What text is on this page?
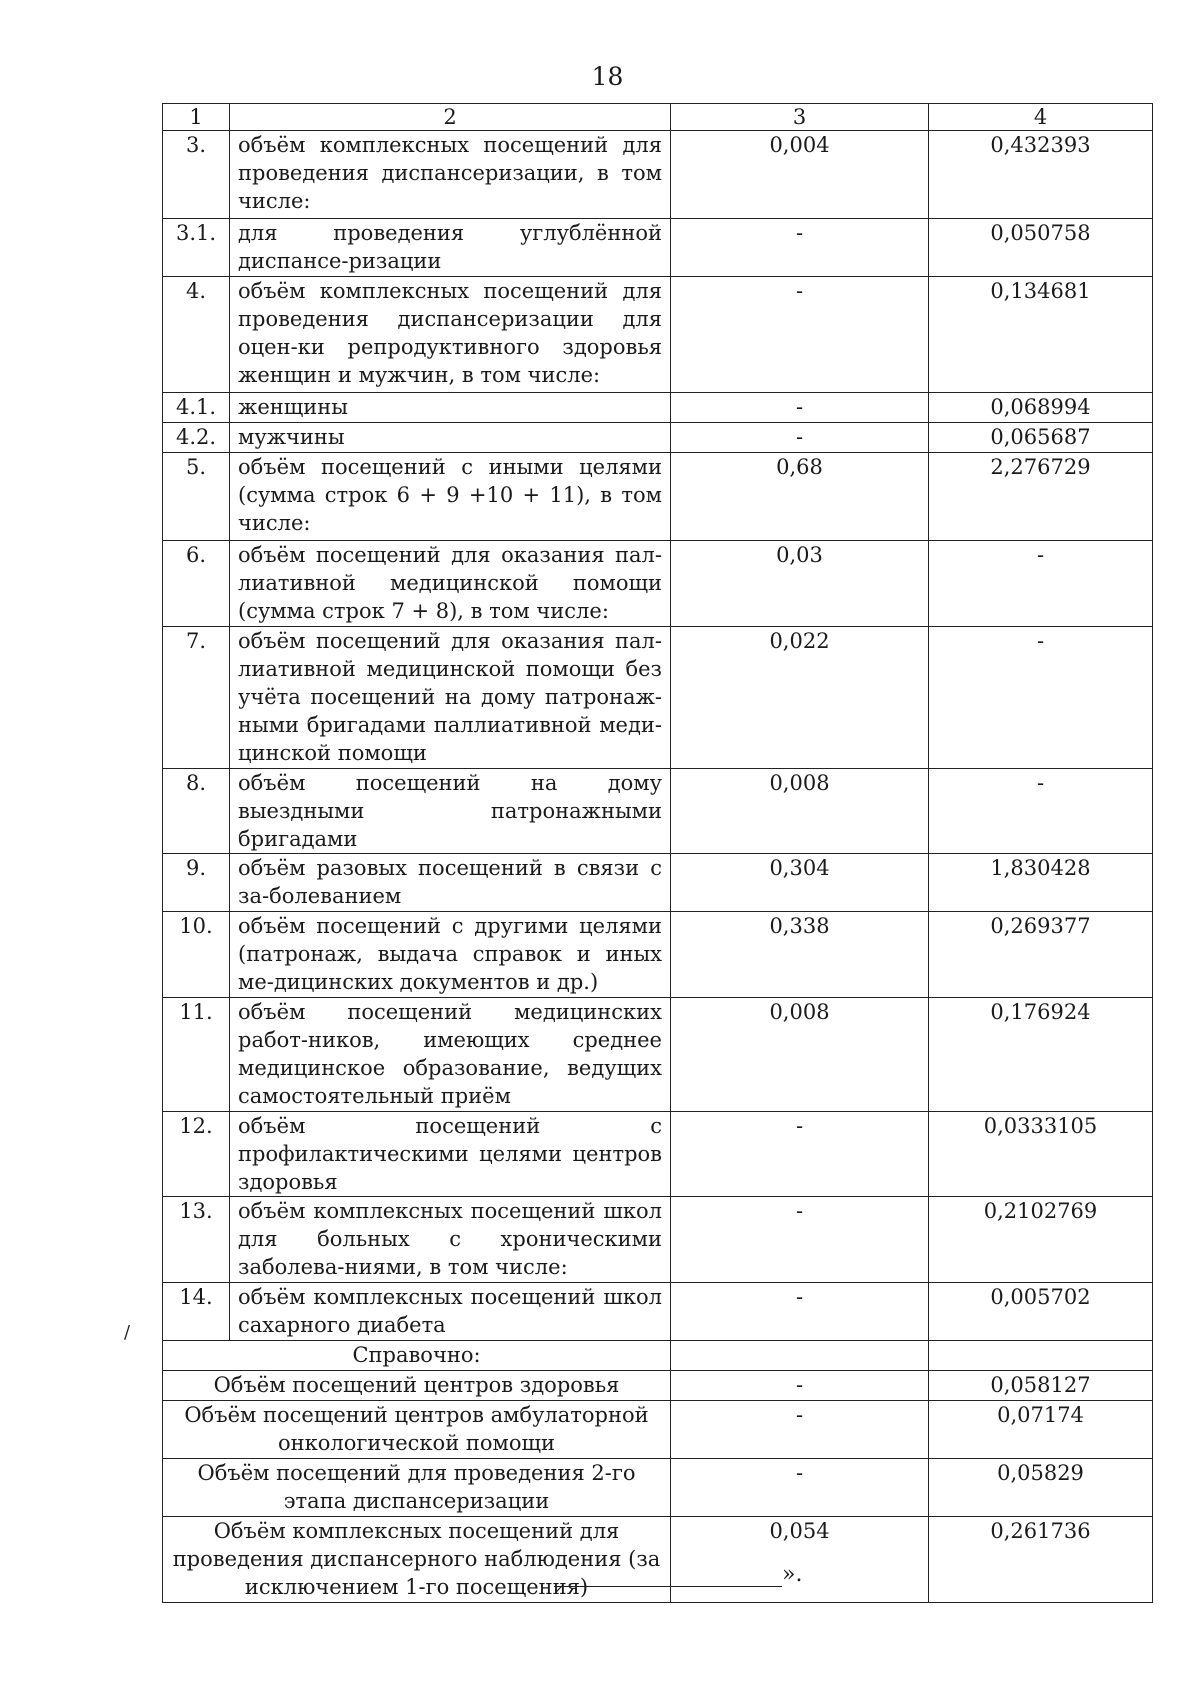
18
/
1	2	3	4
3.	объём комплексных посещений для проведения диспансеризации, в том числе:	0,004	0,432393
3.1.	для проведения углублённой диспансе-ризации	-	0,050758
4.	объём комплексных посещений для проведения диспансеризации для оцен-ки репродуктивного здоровья женщин и мужчин, в том числе:	-	0,134681
4.1.	женщины	-	0,068994
4.2.	мужчины	-	0,065687
5.	объём посещений с иными целями (сумма строк 6 + 9 +10 + 11), в том числе:	0,68	2,276729
6.	объём посещений для оказания пал-лиативной медицинской помощи (сумма строк 7 + 8), в том числе:	0,03	-
7.	объём посещений для оказания пал-лиативной медицинской помощи без учёта посещений на дому патронаж-ными бригадами паллиативной меди-цинской помощи	0,022	-
8.	объём посещений на дому выездными патронажными бригадами	0,008	-
9.	объём разовых посещений в связи с за-болеванием	0,304	1,830428
10.	объём посещений с другими целями (патронаж, выдача справок и иных ме-дицинских документов и др.)	0,338	0,269377
11.	объём посещений медицинских работ-ников, имеющих среднее медицинское образование, ведущих самостоятельный приём	0,008	0,176924
12.	объём посещений с профилактическими целями центров здоровья	-	0,0333105
13.	объём комплексных посещений школ для больных с хроническими заболева-ниями, в том числе:	-	0,2102769
14.	объём комплексных посещений школ сахарного диабета	-	0,005702
Справочно:			
Объём посещений центров здоровья		-	0,058127
Объём посещений центров амбулаторной онкологической помощи		-	0,07174
Объём посещений для проведения 2-го этапа диспансеризации		-	0,05829
Объём комплексных посещений для проведения диспансерного наблюдения (за исключением 1-го посещения)		0,054	0,261736
».
